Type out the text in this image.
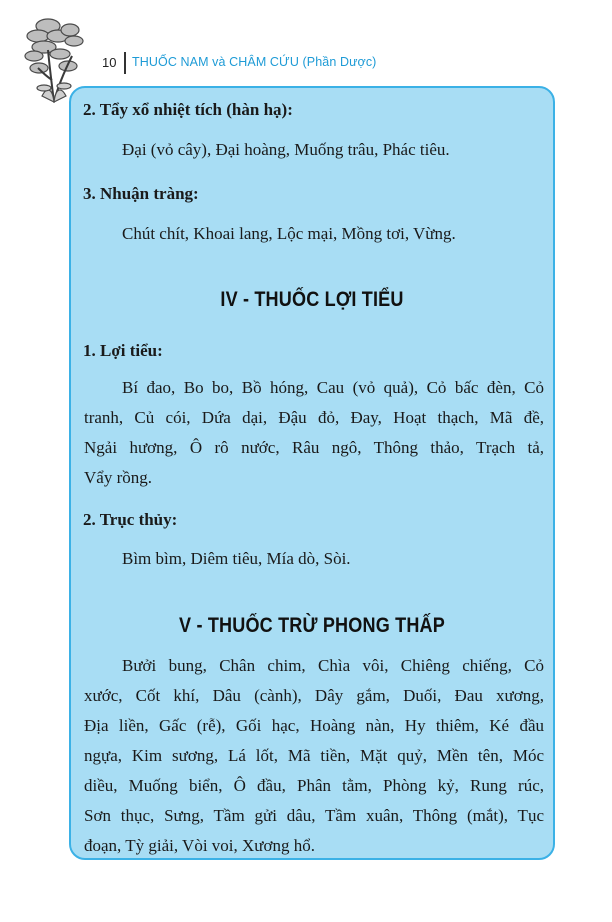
10 THUỐC NAM và CHÂM CỨU (Phần Dược)
2. Tẩy xổ nhiệt tích (hàn hạ):
Đại (vỏ cây), Đại hoàng, Muống trâu, Phác tiêu.
3. Nhuận tràng:
Chút chít, Khoai lang, Lộc mại, Mồng tơi, Vừng.
IV - THUỐC LỢI TIỂU
1. Lợi tiểu:
Bí đao, Bo bo, Bồ hóng, Cau (vỏ quả), Cỏ bấc đèn, Cỏ
tranh, Củ cói, Dứa dại, Đậu đỏ, Đay, Hoạt thạch, Mã đề,
Ngải hương, Ô rô nước, Râu ngô, Thông thảo, Trạch tả,
Vẩy rồng.
2. Trục thủy:
Bìm bìm, Diêm tiêu, Mía dò, Sòi.
V - THUỐC TRỪ PHONG THẤP
Bưởi bung, Chân chim, Chìa vôi, Chiêng chiếng, Cỏ
xước, Cốt khí, Dâu (cành), Dây gắm, Duối, Đau xương,
Địa liền, Gấc (rễ), Gối hạc, Hoàng nàn, Hy thiêm, Ké đầu
ngựa, Kim sương, Lá lốt, Mã tiền, Mặt quỷ, Mền tên, Móc
diều, Muống biển, Ô đầu, Phân tằm, Phòng kỷ, Rung rúc,
Sơn thục, Sưng, Tầm gửi dâu, Tầm xuân, Thông (mắt), Tục
đoạn, Tỳ giải, Vòi voi, Xương hổ.
